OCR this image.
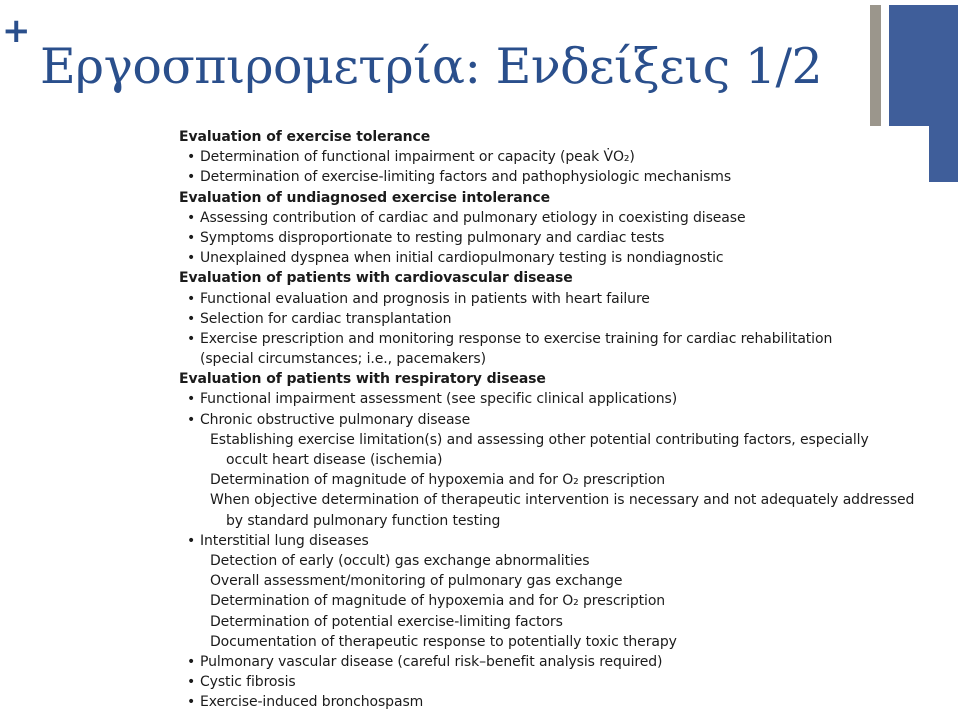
+
Εργοσπιρομετρία: Ενδείξεις 1/2
Evaluation of exercise tolerance
• Determination of functional impairment or capacity (peak V̇O₂)
• Determination of exercise-limiting factors and pathophysiologic mechanisms
Evaluation of undiagnosed exercise intolerance
• Assessing contribution of cardiac and pulmonary etiology in coexisting disease
• Symptoms disproportionate to resting pulmonary and cardiac tests
• Unexplained dyspnea when initial cardiopulmonary testing is nondiagnostic
Evaluation of patients with cardiovascular disease
• Functional evaluation and prognosis in patients with heart failure
• Selection for cardiac transplantation
• Exercise prescription and monitoring response to exercise training for cardiac rehabilitation
(special circumstances; i.e., pacemakers)
Evaluation of patients with respiratory disease
• Functional impairment assessment (see specific clinical applications)
• Chronic obstructive pulmonary disease
Establishing exercise limitation(s) and assessing other potential contributing factors, especially
occult heart disease (ischemia)
Determination of magnitude of hypoxemia and for O₂ prescription
When objective determination of therapeutic intervention is necessary and not adequately addressed
by standard pulmonary function testing
• Interstitial lung diseases
Detection of early (occult) gas exchange abnormalities
Overall assessment/monitoring of pulmonary gas exchange
Determination of magnitude of hypoxemia and for O₂ prescription
Determination of potential exercise-limiting factors
Documentation of therapeutic response to potentially toxic therapy
• Pulmonary vascular disease (careful risk–benefit analysis required)
• Cystic fibrosis
• Exercise-induced bronchospasm
